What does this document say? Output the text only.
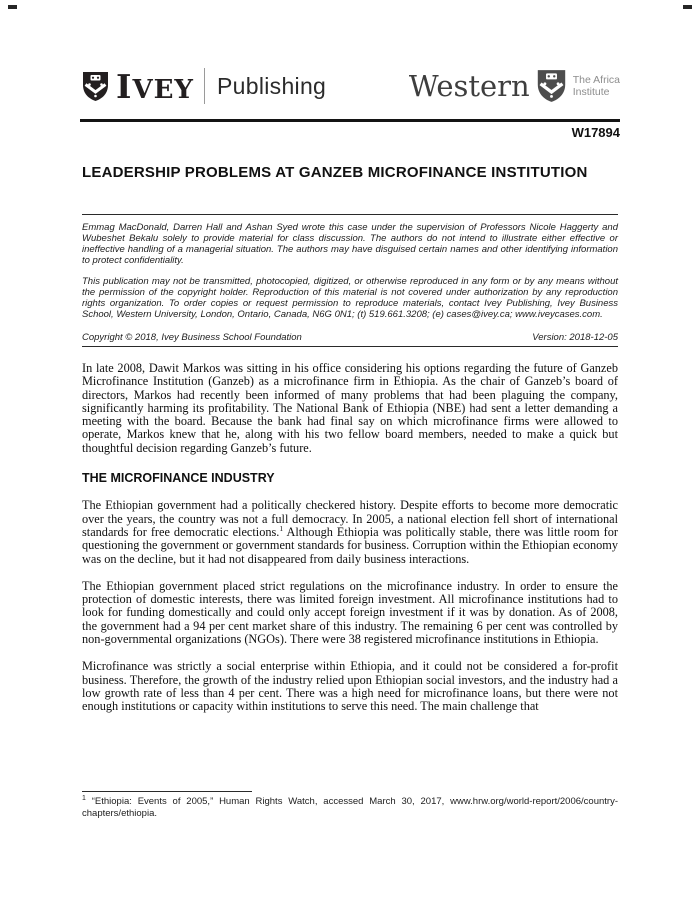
IVEY Publishing	Western	The Africa
Institute
W17894
LEADERSHIP PROBLEMS AT GANZEB MICROFINANCE INSTITUTION

Emmag MacDonald, Darren Hall and Ashan Syed wrote this case under the supervision of Professors Nicole Haggerty and Wubeshet Bekalu solely to provide material for class discussion. The authors do not intend to illustrate either effective or ineffective handling of a managerial situation. The authors may have disguised certain names and other identifying information to protect confidentiality.

This publication may not be transmitted, photocopied, digitized, or otherwise reproduced in any form or by any means without the permission of the copyright holder. Reproduction of this material is not covered under authorization by any reproduction rights organization. To order copies or request permission to reproduce materials, contact Ivey Publishing, Ivey Business School, Western University, London, Ontario, Canada, N6G 0N1; (t) 519.661.3208; (e) cases@ivey.ca; www.iveycases.com.

Copyright © 2018, Ivey Business School Foundation	Version: 2018-12-05

In late 2008, Dawit Markos was sitting in his office considering his options regarding the future of Ganzeb Microfinance Institution (Ganzeb) as a microfinance firm in Ethiopia. As the chair of Ganzeb’s board of directors, Markos had recently been informed of many problems that had been plaguing the company, significantly harming its profitability. The National Bank of Ethiopia (NBE) had sent a letter demanding a meeting with the board. Because the bank had final say on which microfinance firms were allowed to operate, Markos knew that he, along with his two fellow board members, needed to make a quick but thoughtful decision regarding Ganzeb’s future.

THE MICROFINANCE INDUSTRY

The Ethiopian government had a politically checkered history. Despite efforts to become more democratic over the years, the country was not a full democracy. In 2005, a national election fell short of international standards for free democratic elections.$^1$ Although Ethiopia was politically stable, there was little room for questioning the government or government standards for business. Corruption within the Ethiopian economy was on the decline, but it had not disappeared from daily business interactions.

The Ethiopian government placed strict regulations on the microfinance industry. In order to ensure the protection of domestic interests, there was limited foreign investment. All microfinance institutions had to look for funding domestically and could only accept foreign investment if it was by donation. As of 2008, the government had a 94 per cent market share of this industry. The remaining 6 per cent was controlled by non-governmental organizations (NGOs). There were 38 registered microfinance institutions in Ethiopia.

Microfinance was strictly a social enterprise within Ethiopia, and it could not be considered a for-profit business. Therefore, the growth of the industry relied upon Ethiopian social investors, and the industry had a low growth rate of less than 4 per cent. There was a high need for microfinance loans, but there were not enough institutions or capacity within institutions to serve this need. The main challenge that

$^1$ “Ethiopia: Events of 2005,” Human Rights Watch, accessed March 30, 2017, www.hrw.org/world-report/2006/country-chapters/ethiopia.
